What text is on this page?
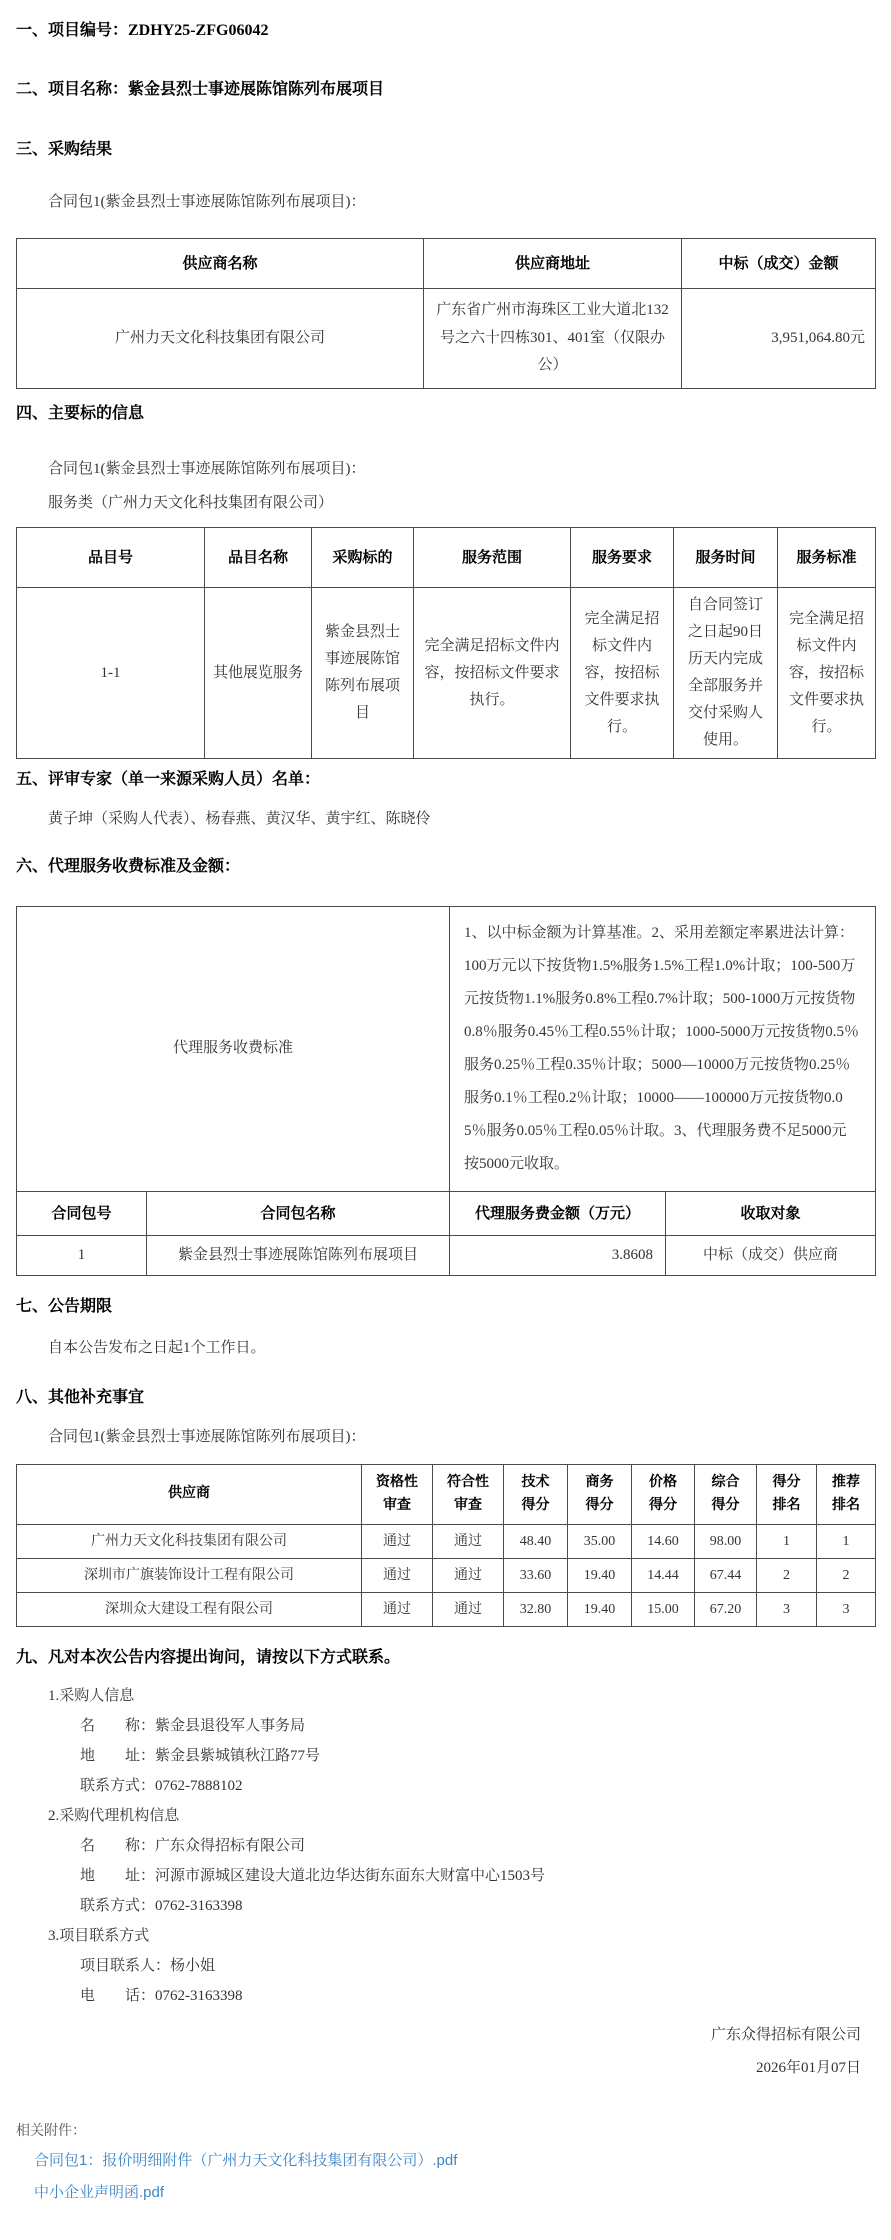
一、项目编号：ZDHY25-ZFG06042
二、项目名称：紫金县烈士事迹展陈馆陈列布展项目
三、采购结果

合同包1(紫金县烈士事迹展陈馆陈列布展项目)：

供应商名称	供应商地址	中标（成交）金额
广州力天文化科技集团有限公司	广东省广州市海珠区工业大道北132号之六十四栋301、401室（仅限办公）	3,951,064.80元
四、主要标的信息

合同包1(紫金县烈士事迹展陈馆陈列布展项目)：

服务类（广州力天文化科技集团有限公司）

品目号	品目名称	采购标的	服务范围	服务要求	服务时间	服务标准
1-1	其他展览服务	紫金县烈士事迹展陈馆陈列布展项目	完全满足招标文件内容，按招标文件要求执行。	完全满足招标文件内容，按招标文件要求执行。	自合同签订之日起90日历天内完成全部服务并交付采购人使用。	完全满足招标文件内容，按招标文件要求执行。
五、评审专家（单一来源采购人员）名单：

黄子坤（采购人代表）、杨春燕、黄汉华、黄宇红、陈晓伶

六、代理服务收费标准及金额：
代理服务收费标准		1、以中标金额为计算基准。2、采用差额定率累进法计算：100万元以下按货物1.5%服务1.5%工程1.0%计取；100-500万元按货物1.1%服务0.8%工程0.7%计取；500-1000万元按货物0.8％服务0.45％工程0.55％计取；1000-5000万元按货物0.5％服务0.25％工程0.35％计取；5000—10000万元按货物0.25％服务0.1％工程0.2％计取；10000——100000万元按货物0.05％服务0.05％工程0.05％计取。3、代理服务费不足5000元按5000元收取。	
合同包号	合同包名称	代理服务费金额（万元）	收取对象
1	紫金县烈士事迹展陈馆陈列布展项目	3.8608	中标（成交）供应商
七、公告期限

自本公告发布之日起1个工作日。

八、其他补充事宜

合同包1(紫金县烈士事迹展陈馆陈列布展项目)：

供应商	资格性审查	符合性审查	技术得分	商务得分	价格得分	综合得分	得分排名	推荐排名
广州力天文化科技集团有限公司	通过	通过	48.40	35.00	14.60	98.00	1	1
深圳市广旗装饰设计工程有限公司	通过	通过	33.60	19.40	14.44	67.44	2	2
深圳众大建设工程有限公司	通过	通过	32.80	19.40	15.00	67.20	3	3
九、凡对本次公告内容提出询问，请按以下方式联系。

1.采购人信息

名　　称：紫金县退役军人事务局

地　　址：紫金县紫城镇秋江路77号

联系方式：0762-7888102

2.采购代理机构信息

名　　称：广东众得招标有限公司

地　　址：河源市源城区建设大道北边华达街东面东大财富中心1503号

联系方式：0762-3163398

3.项目联系方式

项目联系人：杨小姐

电　　话：0762-3163398

广东众得招标有限公司
2026年01月07日

相关附件：

合同包1：报价明细附件（广州力天文化科技集团有限公司）.pdf
中小企业声明函.pdf
